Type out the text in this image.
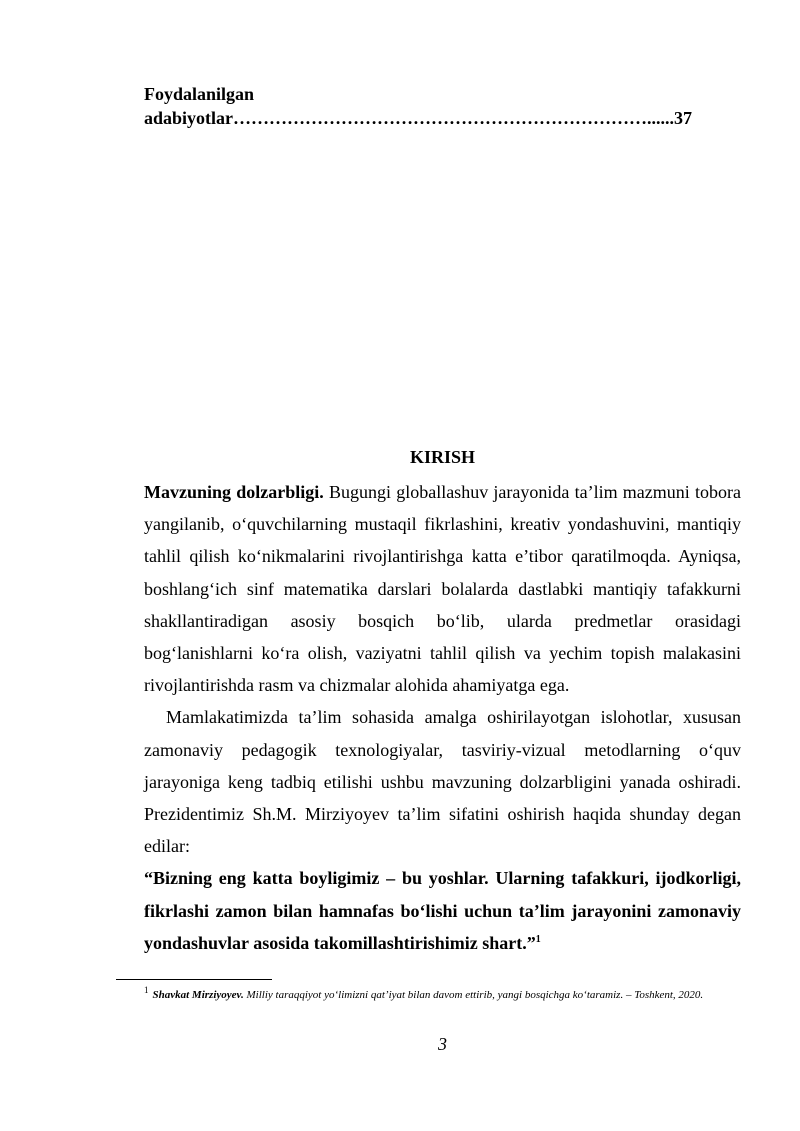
Foydalanilgan
adabiyotlar……………………………………………………………......37
KIRISH

Mavzuning dolzarbligi. Bugungi globallashuv jarayonida ta’lim mazmuni tobora yangilanib, o‘quvchilarning mustaqil fikrlashini, kreativ yondashuvini, mantiqiy tahlil qilish ko‘nikmalarini rivojlantirishga katta e’tibor qaratilmoqda. Ayniqsa, boshlang‘ich sinf matematika darslari bolalarda dastlabki mantiqiy tafakkurni shakllantiradigan asosiy bosqich bo‘lib, ularda predmetlar orasidagi bog‘lanishlarni ko‘ra olish, vaziyatni tahlil qilish va yechim topish malakasini rivojlantirishda rasm va chizmalar alohida ahamiyatga ega.

Mamlakatimizda ta’lim sohasida amalga oshirilayotgan islohotlar, xususan zamonaviy pedagogik texnologiyalar, tasviriy-vizual metodlarning o‘quv jarayoniga keng tadbiq etilishi ushbu mavzuning dolzarbligini yanada oshiradi. Prezidentimiz Sh.M. Mirziyoyev ta’lim sifatini oshirish haqida shunday degan edilar:

“Bizning eng katta boyligimiz – bu yoshlar. Ularning tafakkuri, ijodkorligi, fikrlashi zamon bilan hamnafas bo‘lishi uchun ta’lim jarayonini zamonaviy yondashuvlar asosida takomillashtirishimiz shart.”$^1$

$^1$ Shavkat Mirziyoyev. Milliy taraqqiyot yo‘limizni qat’iyat bilan davom ettirib, yangi bosqichga ko‘taramiz. – Toshkent, 2020.
3
